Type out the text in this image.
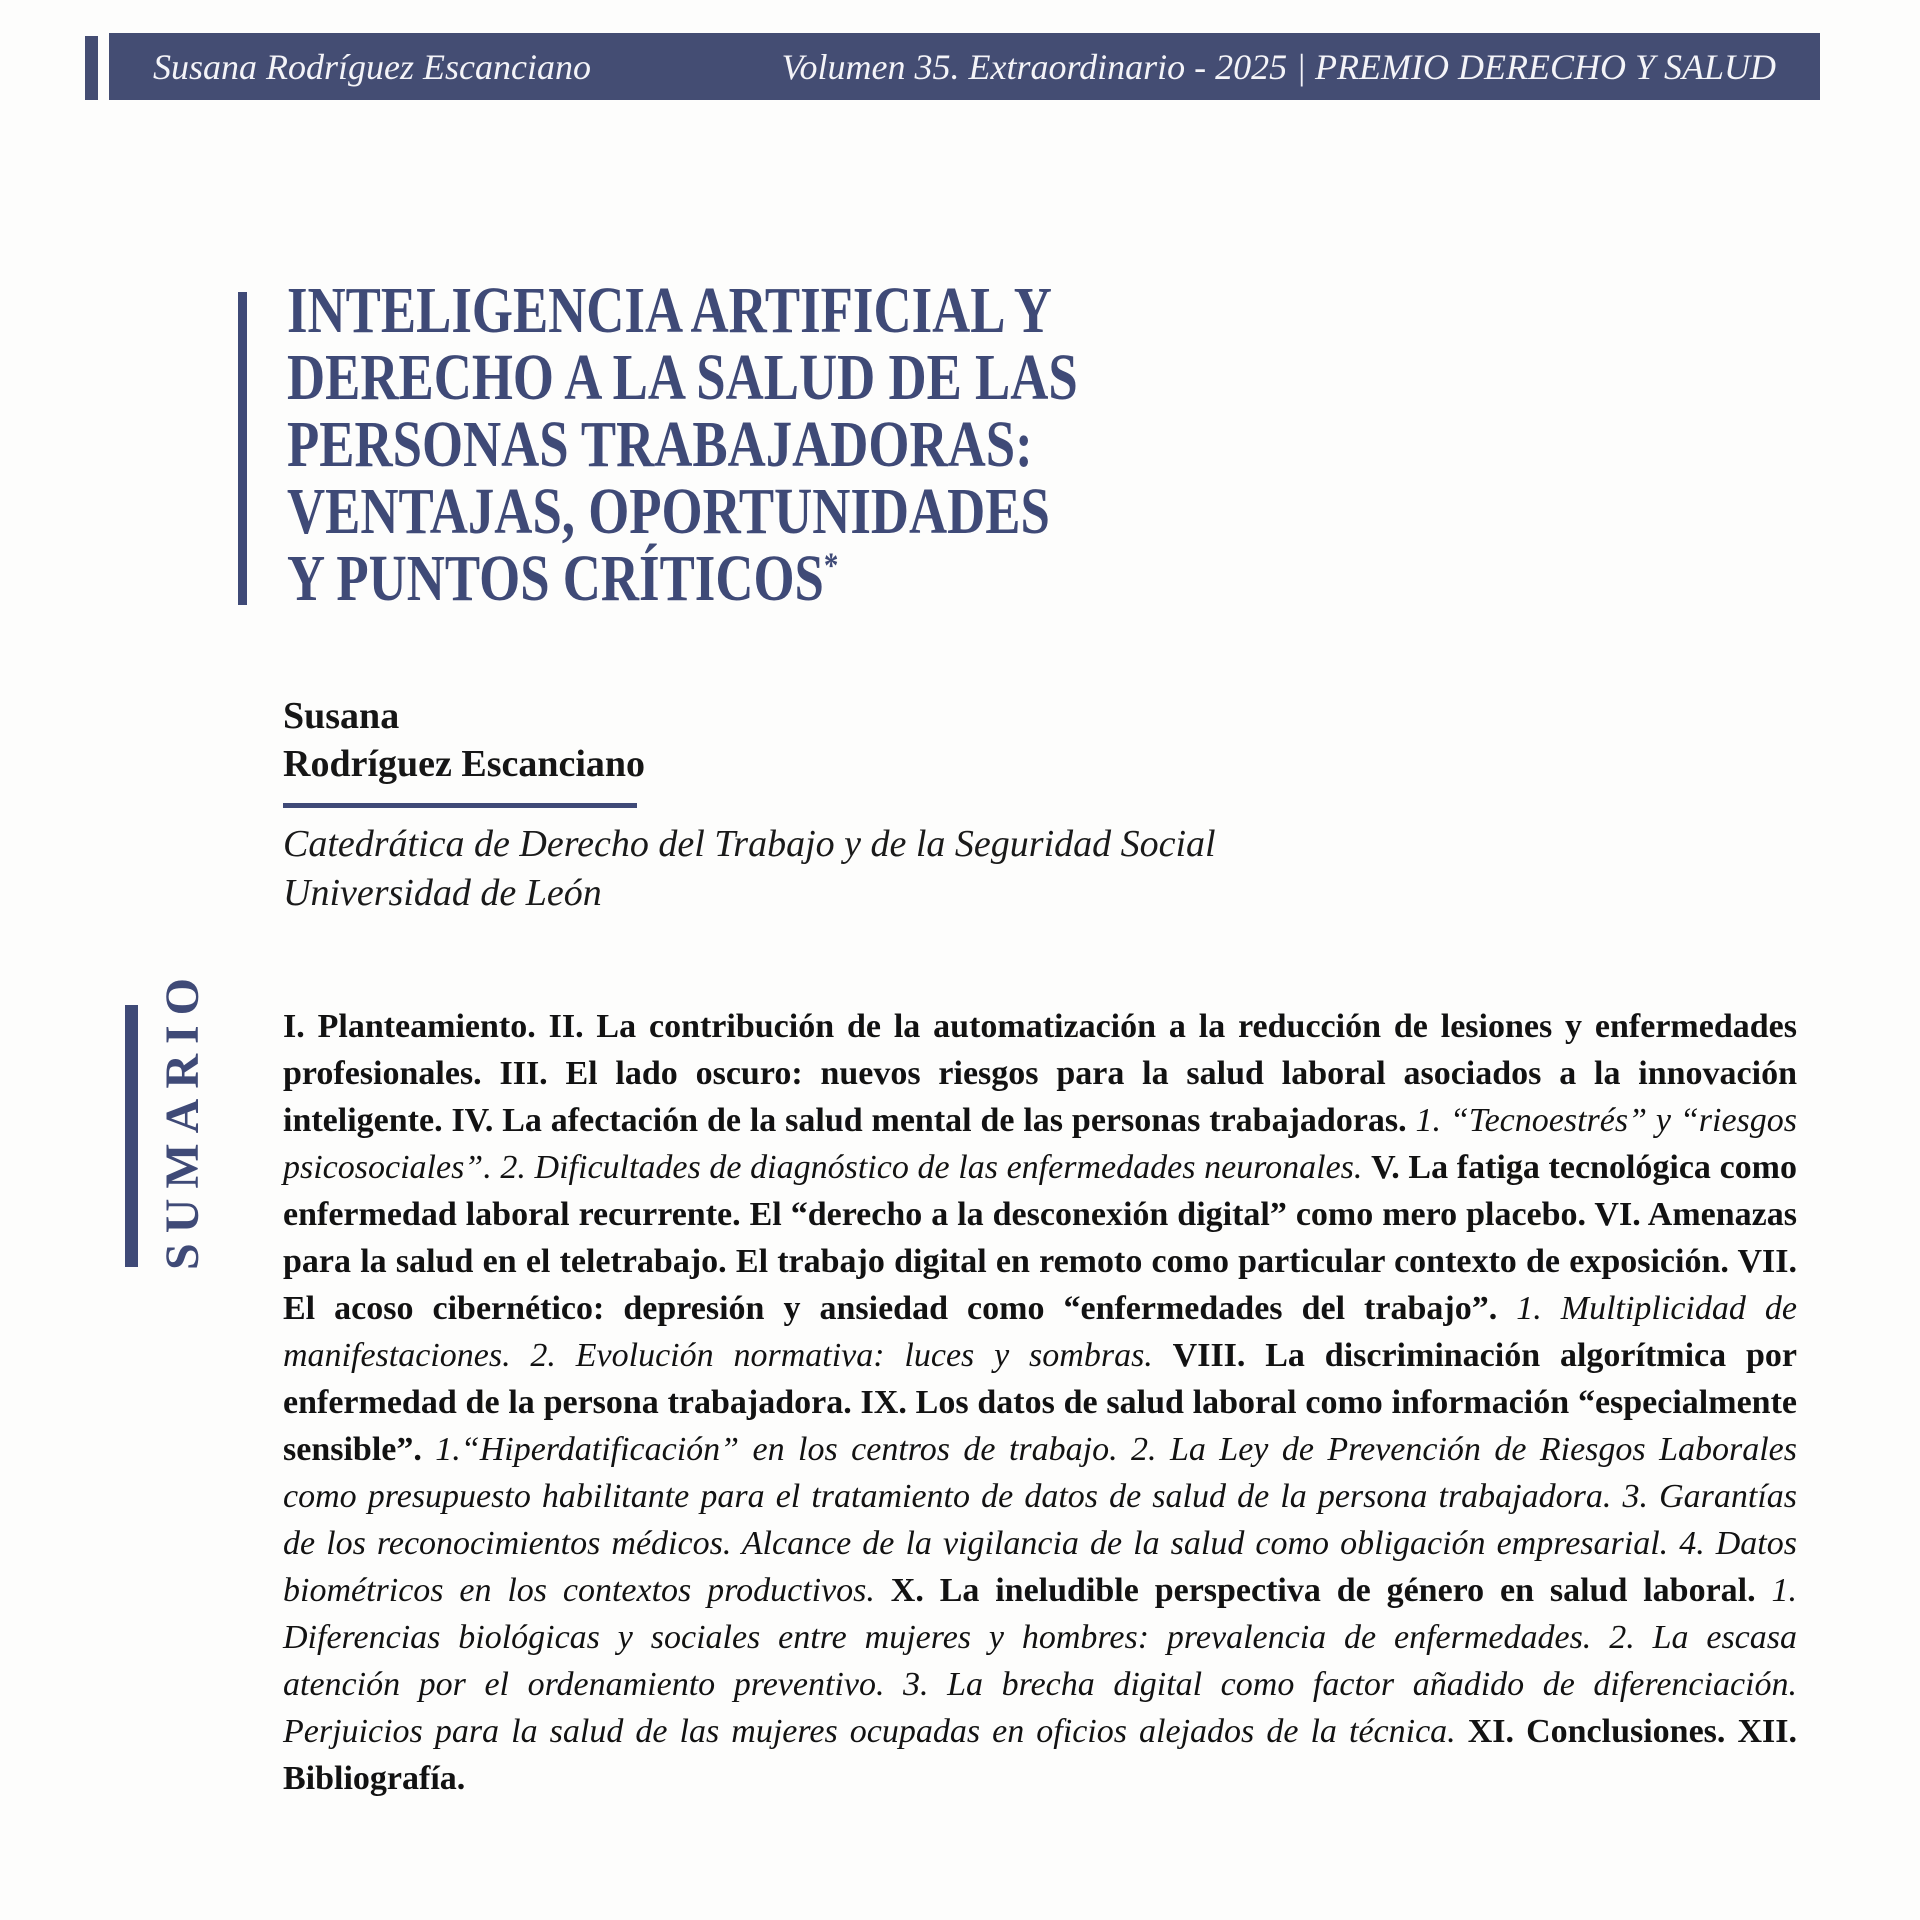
Susana Rodríguez Escanciano	Volumen 35. Extraordinario - 2025 | PREMIO DERECHO Y SALUD
INTELIGENCIA ARTIFICIAL Y
DERECHO A LA SALUD DE LAS
PERSONAS TRABAJADORAS:
VENTAJAS, OPORTUNIDADES
Y PUNTOS CRÍTICOS*
Susana
Rodríguez Escanciano
Catedrática de Derecho del Trabajo y de la Seguridad Social
Universidad de León
SUMARIO	I. Planteamiento. II. La contribución de la automatización a la reducción de lesiones y enfermedades profesionales. III. El lado oscuro: nuevos riesgos para la salud laboral asociados a la innovación inteligente. IV. La afectación de la salud mental de las personas trabajadoras. 1. “Tecnoestrés” y “riesgos psicosociales”. 2. Dificultades de diagnóstico de las enfermedades neuronales. V. La fatiga tecnológica como enfermedad laboral recurrente. El “derecho a la desconexión digital” como mero placebo. VI. Amenazas para la salud en el teletrabajo. El trabajo digital en remoto como particular contexto de exposición. VII. El acoso cibernético: depresión y ansiedad como “enfermedades del trabajo”. 1. Multiplicidad de manifestaciones. 2. Evolución normativa: luces y sombras. VIII. La discriminación algorítmica por enfermedad de la persona trabajadora. IX. Los datos de salud laboral como información “especialmente sensible”. 1.“Hiperdatificación” en los centros de trabajo. 2. La Ley de Prevención de Riesgos Laborales como presupuesto habilitante para el tratamiento de datos de salud de la persona trabajadora. 3. Garantías de los reconocimientos médicos. Alcance de la vigilancia de la salud como obligación empresarial. 4. Datos biométricos en los contextos productivos. X. La ineludible perspectiva de género en salud laboral. 1. Diferencias biológicas y sociales entre mujeres y hombres: prevalencia de enfermedades. 2. La escasa atención por el ordenamiento preventivo. 3. La brecha digital como factor añadido de diferenciación. Perjuicios para la salud de las mujeres ocupadas en oficios alejados de la técnica. XI. Conclusiones. XII. Bibliografía.
